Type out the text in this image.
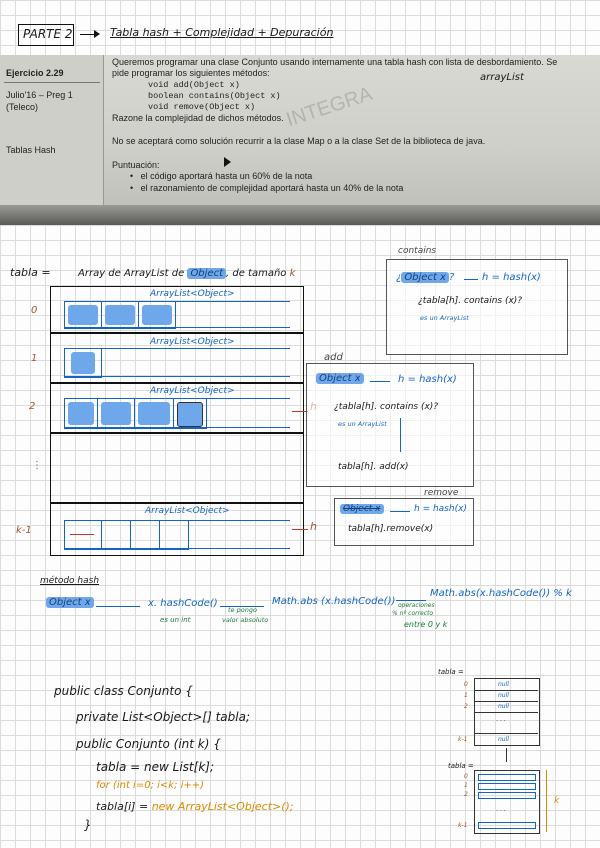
PARTE 2	Tabla hash + Complejidad + Depuración
Ejercicio 2.29
Julio'16 – Preg 1
(Teleco)
Tablas Hash
Queremos programar una clase Conjunto usando internamente una tabla hash con lista de desbordamiento. Se
pide programar los siguientes métodos:	arrayList
void add(Object x)
boolean contains(Object x)
void remove(Object x)
Razone la complejidad de dichos métodos. INTEGRA
No se aceptará como solución recurrir a la clase Map o a la clase Set de la biblioteca de java.
Puntuación:
•   el código aportará hasta un 60% de la nota
•   el razonamiento de complejidad aportará hasta un 40% de la nota
tabla =	Array de ArrayList de Object , de tamaño k
0
1
2
⋮
k-1
ArrayList<Object>
ArrayList<Object>
ArrayList<Object>
ArrayList<Object>
h
contains
¿ Object x ?	h = hash(x)
¿tabla[h]. contains (x)?
es un ArrayList
add
Object x	h = hash(x)
¿tabla[h]. contains (x)?
es un ArrayList
tabla[h]. add(x)
remove
Object x	h = hash(x)
tabla[h].remove(x)
método hash
Object x	x. hashCode()
es un int
te pongo
valor absoluto
Math.abs (x.hashCode()) operaciones
% nº correcto
Math.abs(x.hashCode()) % k
entre 0 y k
public class Conjunto {
private List<Object>[] tabla;
public Conjunto (int k) {
tabla = new List[k];
for (int i=0; i<k; i++)
tabla[i] = new ArrayList<Object>();
}
tabla =
null
null
null
· · ·
null
0
1
2
k-1
tabla =
· · ·
0
1
2
k-1
k
